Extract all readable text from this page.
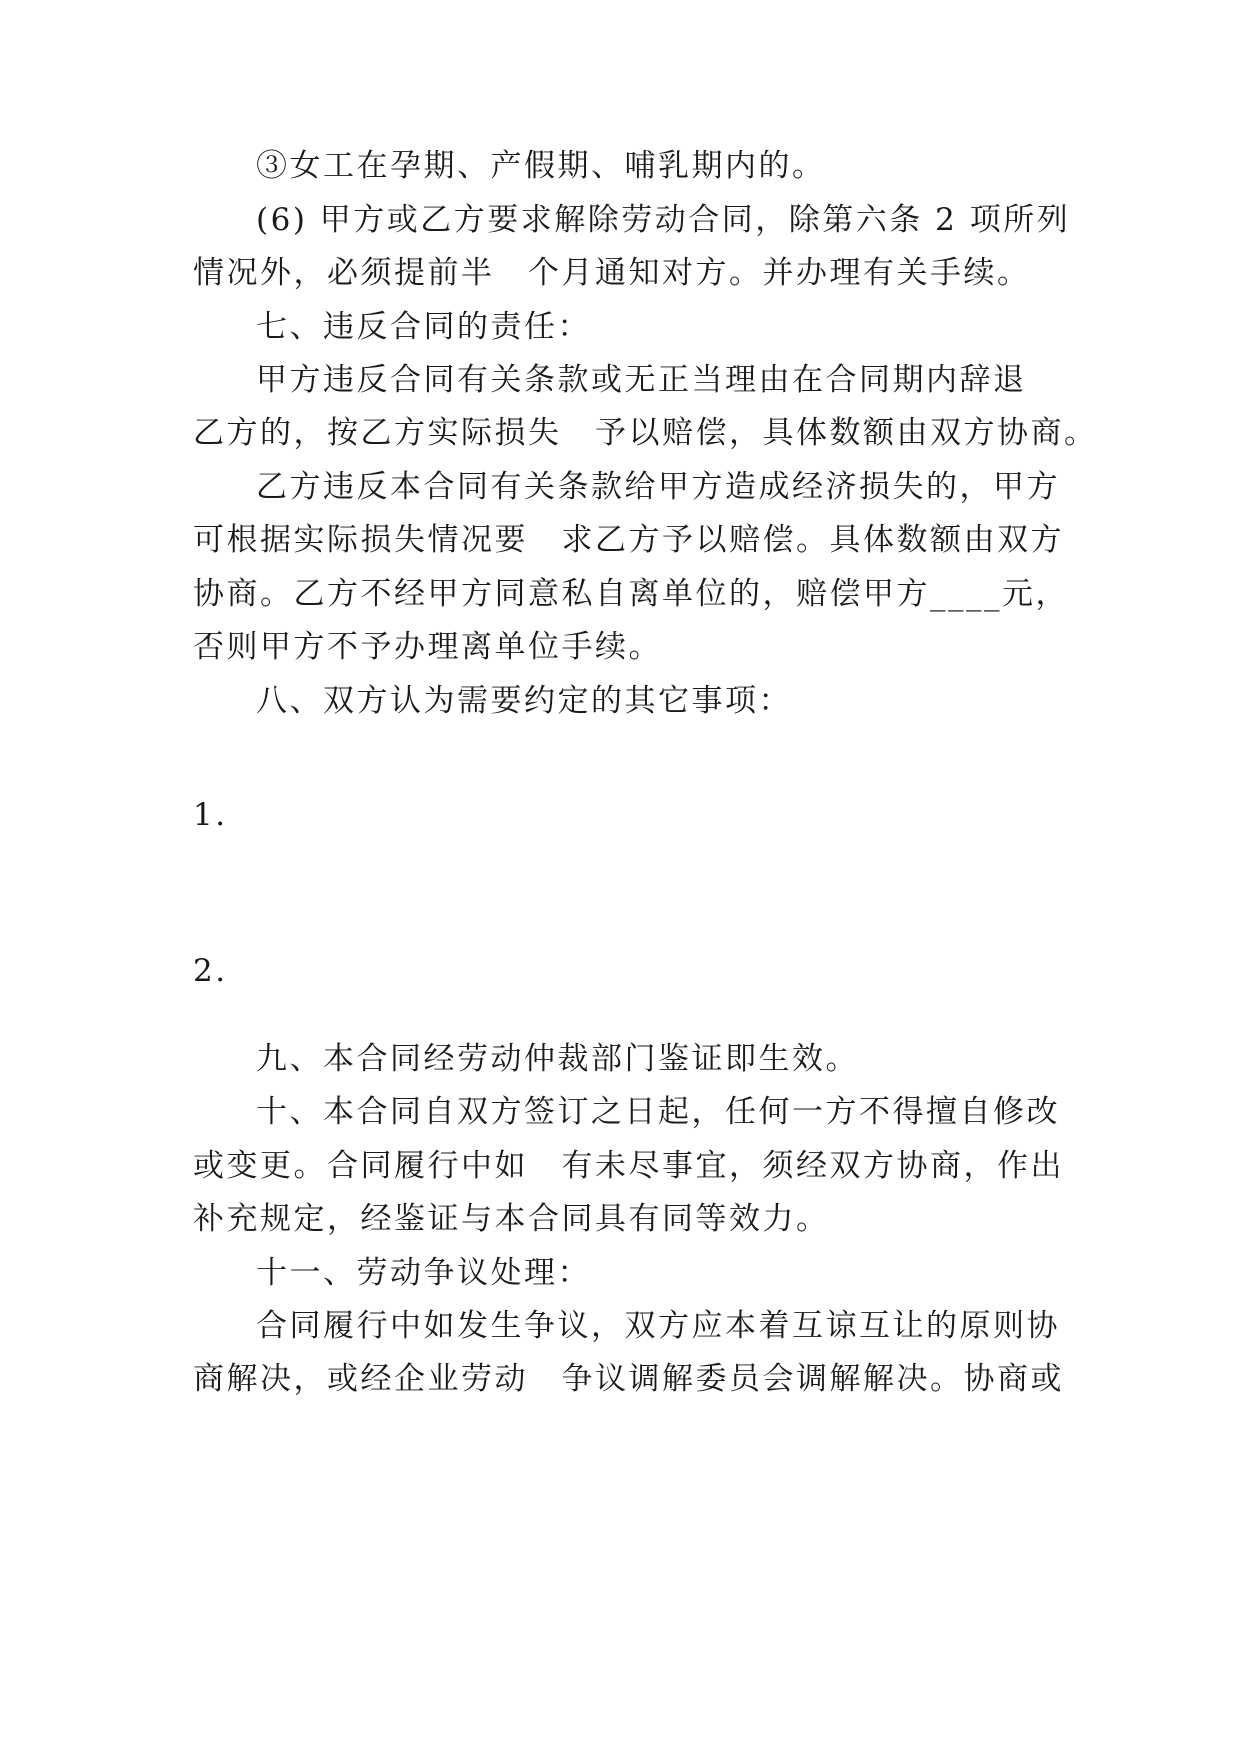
③女工在孕期、产假期、哺乳期内的。
(6) 甲方或乙方要求解除劳动合同，除第六条 2 项所列
情况外，必须提前半　个月通知对方。并办理有关手续。
七、违反合同的责任：
甲方违反合同有关条款或无正当理由在合同期内辞退
乙方的，按乙方实际损失　予以赔偿，具体数额由双方协商。
乙方违反本合同有关条款给甲方造成经济损失的，甲方
可根据实际损失情况要　求乙方予以赔偿。具体数额由双方
协商。乙方不经甲方同意私自离单位的，赔偿甲方____元，
否则甲方不予办理离单位手续。
八、双方认为需要约定的其它事项：
1.
2.
九、本合同经劳动仲裁部门鉴证即生效。
十、本合同自双方签订之日起，任何一方不得擅自修改
或变更。合同履行中如　有未尽事宜，须经双方协商，作出
补充规定，经鉴证与本合同具有同等效力。
十一、劳动争议处理：
合同履行中如发生争议，双方应本着互谅互让的原则协
商解决，或经企业劳动　争议调解委员会调解解决。协商或
